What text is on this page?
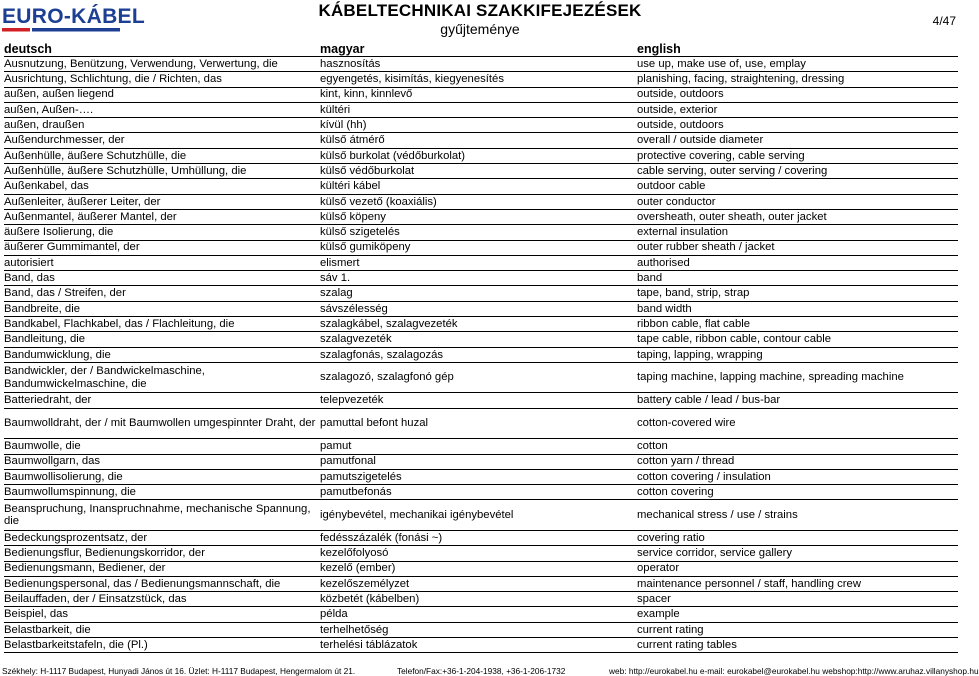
EURO-KÁBEL	KÁBELTECHNIKAI SZAKKIFEJEZÉSEK
gyűjteménye	4/47
deutsch	magyar	english
Ausnutzung, Benützung, Verwendung, Verwertung, die	hasznosítás	use up, make use of, use, emplay
Ausrichtung, Schlichtung, die / Richten, das	egyengetés, kisimítás, kiegyenesítés	planishing, facing, straightening, dressing
außen, außen liegend	kint, kinn, kinnlevő	outside, outdoors
außen, Außen-….	kültéri	outside, exterior
außen, draußen	kívül (hh)	outside, outdoors
Außendurchmesser, der	külső átmérő	overall / outside diameter
Außenhülle, äußere Schutzhülle, die	külső burkolat (védőburkolat)	protective covering, cable serving
Außenhülle, äußere Schutzhülle, Umhüllung, die	külső védőburkolat	cable serving, outer serving / covering
Außenkabel, das	kültéri kábel	outdoor cable
Außenleiter, äußerer Leiter, der	külső vezető (koaxiális)	outer conductor
Außenmantel, äußerer Mantel, der	külső köpeny	oversheath, outer sheath, outer jacket
äußere Isolierung, die	külső szigetelés	external insulation
äußerer Gummimantel, der	külső gumiköpeny	outer rubber sheath / jacket
autorisiert	elismert	authorised
Band, das	sáv 1.	band
Band, das / Streifen, der	szalag	tape, band, strip, strap
Bandbreite, die	sávszélesség	band width
Bandkabel, Flachkabel, das / Flachleitung, die	szalagkábel, szalagvezeték	ribbon cable, flat cable
Bandleitung, die	szalagvezeték	tape cable, ribbon cable, contour cable
Bandumwicklung, die	szalagfonás, szalagozás	taping, lapping, wrapping
Bandwickler, der / Bandwickelmaschine, Bandumwickelmaschine, die	szalagozó, szalagfonó gép	taping machine, lapping machine, spreading machine
Batteriedraht, der	telepvezeték	battery cable / lead / bus-bar
Baumwolldraht, der / mit Baumwollen umgespinnter Draht, der	pamuttal befont huzal	cotton-covered wire
Baumwolle, die	pamut	cotton
Baumwollgarn, das	pamutfonal	cotton yarn / thread
Baumwollisolierung, die	pamutszigetelés	cotton covering / insulation
Baumwollumspinnung, die	pamutbefonás	cotton covering
Beanspruchung, Inanspruchnahme, mechanische Spannung, die	igénybevétel, mechanikai igénybevétel	mechanical stress / use / strains
Bedeckungsprozentsatz, der	fedésszázalék (fonási ~)	covering ratio
Bedienungsflur, Bedienungskorridor, der	kezelőfolyosó	service corridor, service gallery
Bedienungsmann, Bediener, der	kezelő (ember)	operator
Bedienungspersonal, das / Bedienungsmannschaft, die	kezelőszemélyzet	maintenance personnel / staff, handling crew
Beilauffaden, der / Einsatzstück, das	közbetét (kábelben)	spacer
Beispiel, das	példa	example
Belastbarkeit, die	terhelhetőség	current rating
Belastbarkeitstafeln, die (Pl.)	terhelési táblázatok	current rating tables
Székhely: H-1117 Budapest, Hunyadi János út 16. Üzlet: H-1117 Budapest, Hengermalom út 21.	Telefon/Fax:+36-1-204-1938, +36-1-206-1732	web: http://eurokabel.hu e-mail: eurokabel@eurokabel.hu webshop:http://www.aruhaz.villanyshop.hu
